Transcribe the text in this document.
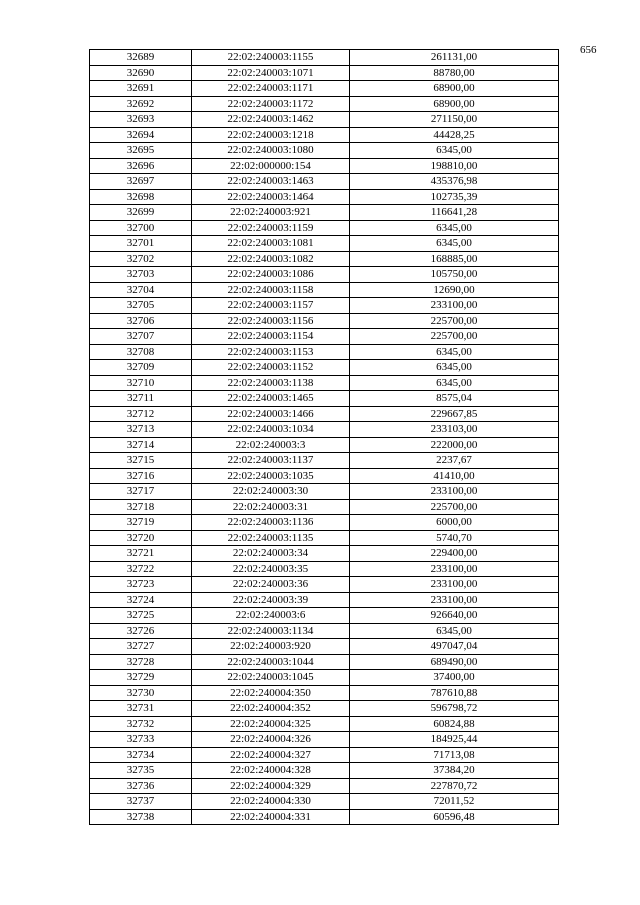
656
32689	22:02:240003:1155	261131,00
32690	22:02:240003:1071	88780,00
32691	22:02:240003:1171	68900,00
32692	22:02:240003:1172	68900,00
32693	22:02:240003:1462	271150,00
32694	22:02:240003:1218	44428,25
32695	22:02:240003:1080	6345,00
32696	22:02:000000:154	198810,00
32697	22:02:240003:1463	435376,98
32698	22:02:240003:1464	102735,39
32699	22:02:240003:921	116641,28
32700	22:02:240003:1159	6345,00
32701	22:02:240003:1081	6345,00
32702	22:02:240003:1082	168885,00
32703	22:02:240003:1086	105750,00
32704	22:02:240003:1158	12690,00
32705	22:02:240003:1157	233100,00
32706	22:02:240003:1156	225700,00
32707	22:02:240003:1154	225700,00
32708	22:02:240003:1153	6345,00
32709	22:02:240003:1152	6345,00
32710	22:02:240003:1138	6345,00
32711	22:02:240003:1465	8575,04
32712	22:02:240003:1466	229667,85
32713	22:02:240003:1034	233103,00
32714	22:02:240003:3	222000,00
32715	22:02:240003:1137	2237,67
32716	22:02:240003:1035	41410,00
32717	22:02:240003:30	233100,00
32718	22:02:240003:31	225700,00
32719	22:02:240003:1136	6000,00
32720	22:02:240003:1135	5740,70
32721	22:02:240003:34	229400,00
32722	22:02:240003:35	233100,00
32723	22:02:240003:36	233100,00
32724	22:02:240003:39	233100,00
32725	22:02:240003:6	926640,00
32726	22:02:240003:1134	6345,00
32727	22:02:240003:920	497047,04
32728	22:02:240003:1044	689490,00
32729	22:02:240003:1045	37400,00
32730	22:02:240004:350	787610,88
32731	22:02:240004:352	596798,72
32732	22:02:240004:325	60824,88
32733	22:02:240004:326	184925,44
32734	22:02:240004:327	71713,08
32735	22:02:240004:328	37384,20
32736	22:02:240004:329	227870,72
32737	22:02:240004:330	72011,52
32738	22:02:240004:331	60596,48
